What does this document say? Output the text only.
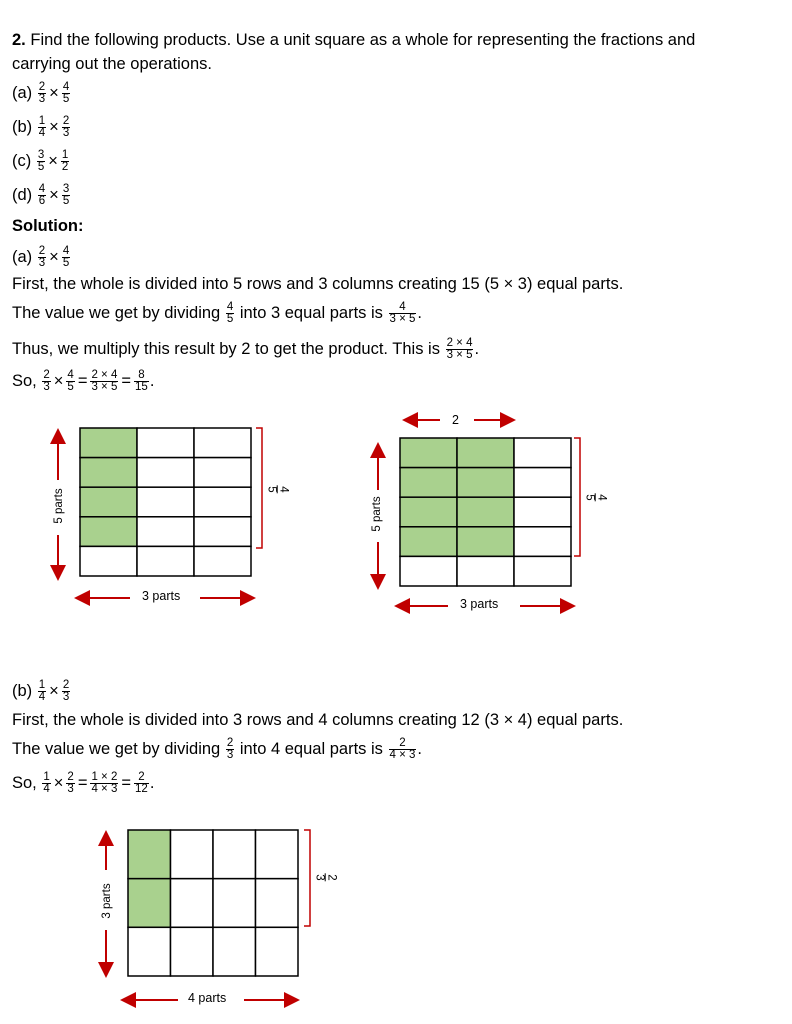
2. Find the following products. Use a unit square as a whole for representing the fractions and
carrying out the operations.
$(a) \frac{2}{3} \times \frac{4}{5}$
$(b) \frac{1}{4} \times \frac{2}{3}$
$(c) \frac{3}{5} \times \frac{1}{2}$
$(d) \frac{4}{6} \times \frac{3}{5}$
Solution:
$(a) \frac{2}{3} \times \frac{4}{5}$
First, the whole is divided into 5 rows and 3 columns creating 15 (5 × 3) equal parts.
The value we get by dividing $\frac{4}{5}$ into 3 equal parts is $\frac{4}{3 \times 5}$ .
Thus, we multiply this result by 2 to get the product. This is $\frac{2 \times 4}{3 \times 5}$ .
So, $\frac{2}{3} \times \frac{4}{5} = \frac{2 \times 4}{3 \times 5} = \frac{8}{15}$ .
5 parts
3 parts
4
5
5 parts
2
3 parts
4
5
$(b) \frac{1}{4} \times \frac{2}{3}$
First, the whole is divided into 3 rows and 4 columns creating 12 (3 × 4) equal parts.
The value we get by dividing $\frac{2}{3}$ into 4 equal parts is $\frac{2}{4 \times 3}$ .
So, $\frac{1}{4} \times \frac{2}{3} = \frac{1 \times 2}{4 \times 3} = \frac{2}{12}$ .
3 parts
4 parts
2
3
